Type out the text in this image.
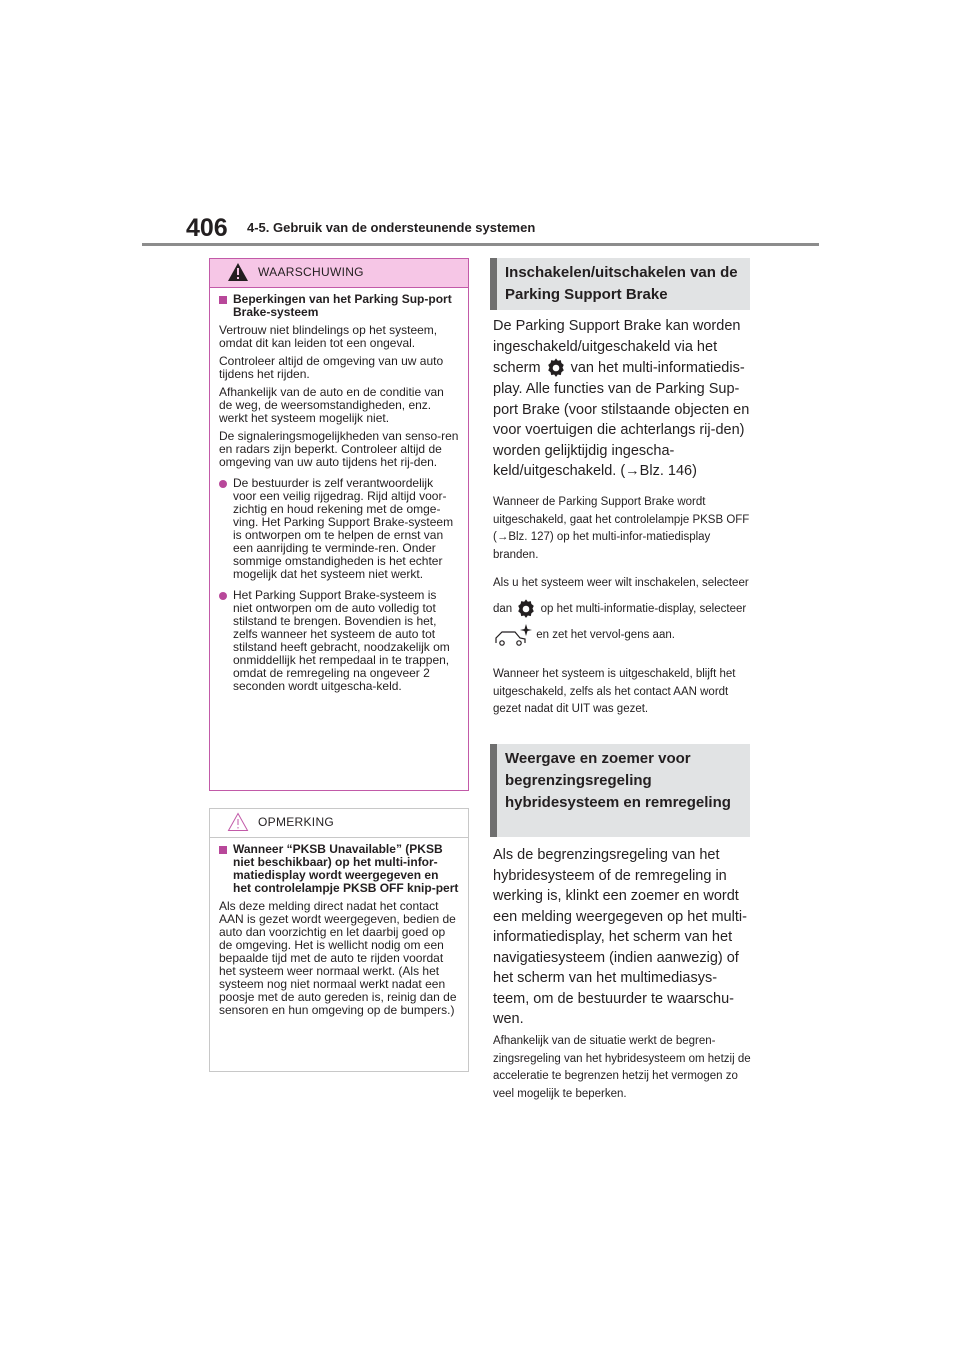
406 4-5. Gebruik van de ondersteunende systemen
WAARSCHUWING
Beperkingen van het Parking Sup-port Brake-systeem

Vertrouw niet blindelings op het systeem, omdat dit kan leiden tot een ongeval.

Controleer altijd de omgeving van uw auto tijdens het rijden.

Afhankelijk van de auto en de conditie van de weg, de weersomstandigheden, enz. werkt het systeem mogelijk niet.

De signaleringsmogelijkheden van senso-ren en radars zijn beperkt. Controleer altijd de omgeving van uw auto tijdens het rij-den.

De bestuurder is zelf verantwoordelijk voor een veilig rijgedrag. Rijd altijd voor-zichtig en houd rekening met de omge-ving. Het Parking Support Brake-systeem is ontworpen om te helpen de ernst van een aanrijding te verminde-ren. Onder sommige omstandigheden is het echter mogelijk dat het systeem niet werkt.
Het Parking Support Brake-systeem is niet ontworpen om de auto volledig tot stilstand te brengen. Bovendien is het, zelfs wanneer het systeem de auto tot stilstand heeft gebracht, noodzakelijk om onmiddellijk het rempedaal in te trappen, omdat de remregeling na ongeveer 2 seconden wordt uitgescha-keld.
OPMERKING
Wanneer “PKSB Unavailable” (PKSB niet beschikbaar) op het multi-infor-matiedisplay wordt weergegeven en het controlelampje PKSB OFF knip-pert

Als deze melding direct nadat het contact AAN is gezet wordt weergegeven, bedien de auto dan voorzichtig en let daarbij goed op de omgeving. Het is wellicht nodig om een bepaalde tijd met de auto te rijden voordat het systeem weer normaal werkt. (Als het systeem nog niet normaal werkt nadat een poosje met de auto gereden is, reinig dan de sensoren en hun omgeving op de bumpers.)

Inschakelen/uitschakelen van de Parking Support Brake

De Parking Support Brake kan worden ingeschakeld/uitgeschakeld via het scherm van het multi-informatiedis-play. Alle functies van de Parking Sup-port Brake (voor stilstaande objecten en voor voertuigen die achterlangs rij-den) worden gelijktijdig ingescha-keld/uitgeschakeld. (→Blz. 146)

Wanneer de Parking Support Brake wordt uitgeschakeld, gaat het controlelampje PKSB OFF (→Blz. 127) op het multi-infor-matiedisplay branden.

Als u het systeem weer wilt inschakelen, selecteer dan op het multi-informatie-display, selecteer  en zet het vervol-gens aan.

Wanneer het systeem is uitgeschakeld, blijft het uitgeschakeld, zelfs als het contact AAN wordt gezet nadat dit UIT was gezet.

Weergave en zoemer voor begrenzingsregeling hybridesysteem en remregeling

Als de begrenzingsregeling van het hybridesysteem of de remregeling in werking is, klinkt een zoemer en wordt een melding weergegeven op het multi-informatiedisplay, het scherm van het navigatiesysteem (indien aanwezig) of het scherm van het multimediasys-teem, om de bestuurder te waarschu-wen.

Afhankelijk van de situatie werkt de begren-zingsregeling van het hybridesysteem om hetzij de acceleratie te begrenzen hetzij het vermogen zo veel mogelijk te beperken.
